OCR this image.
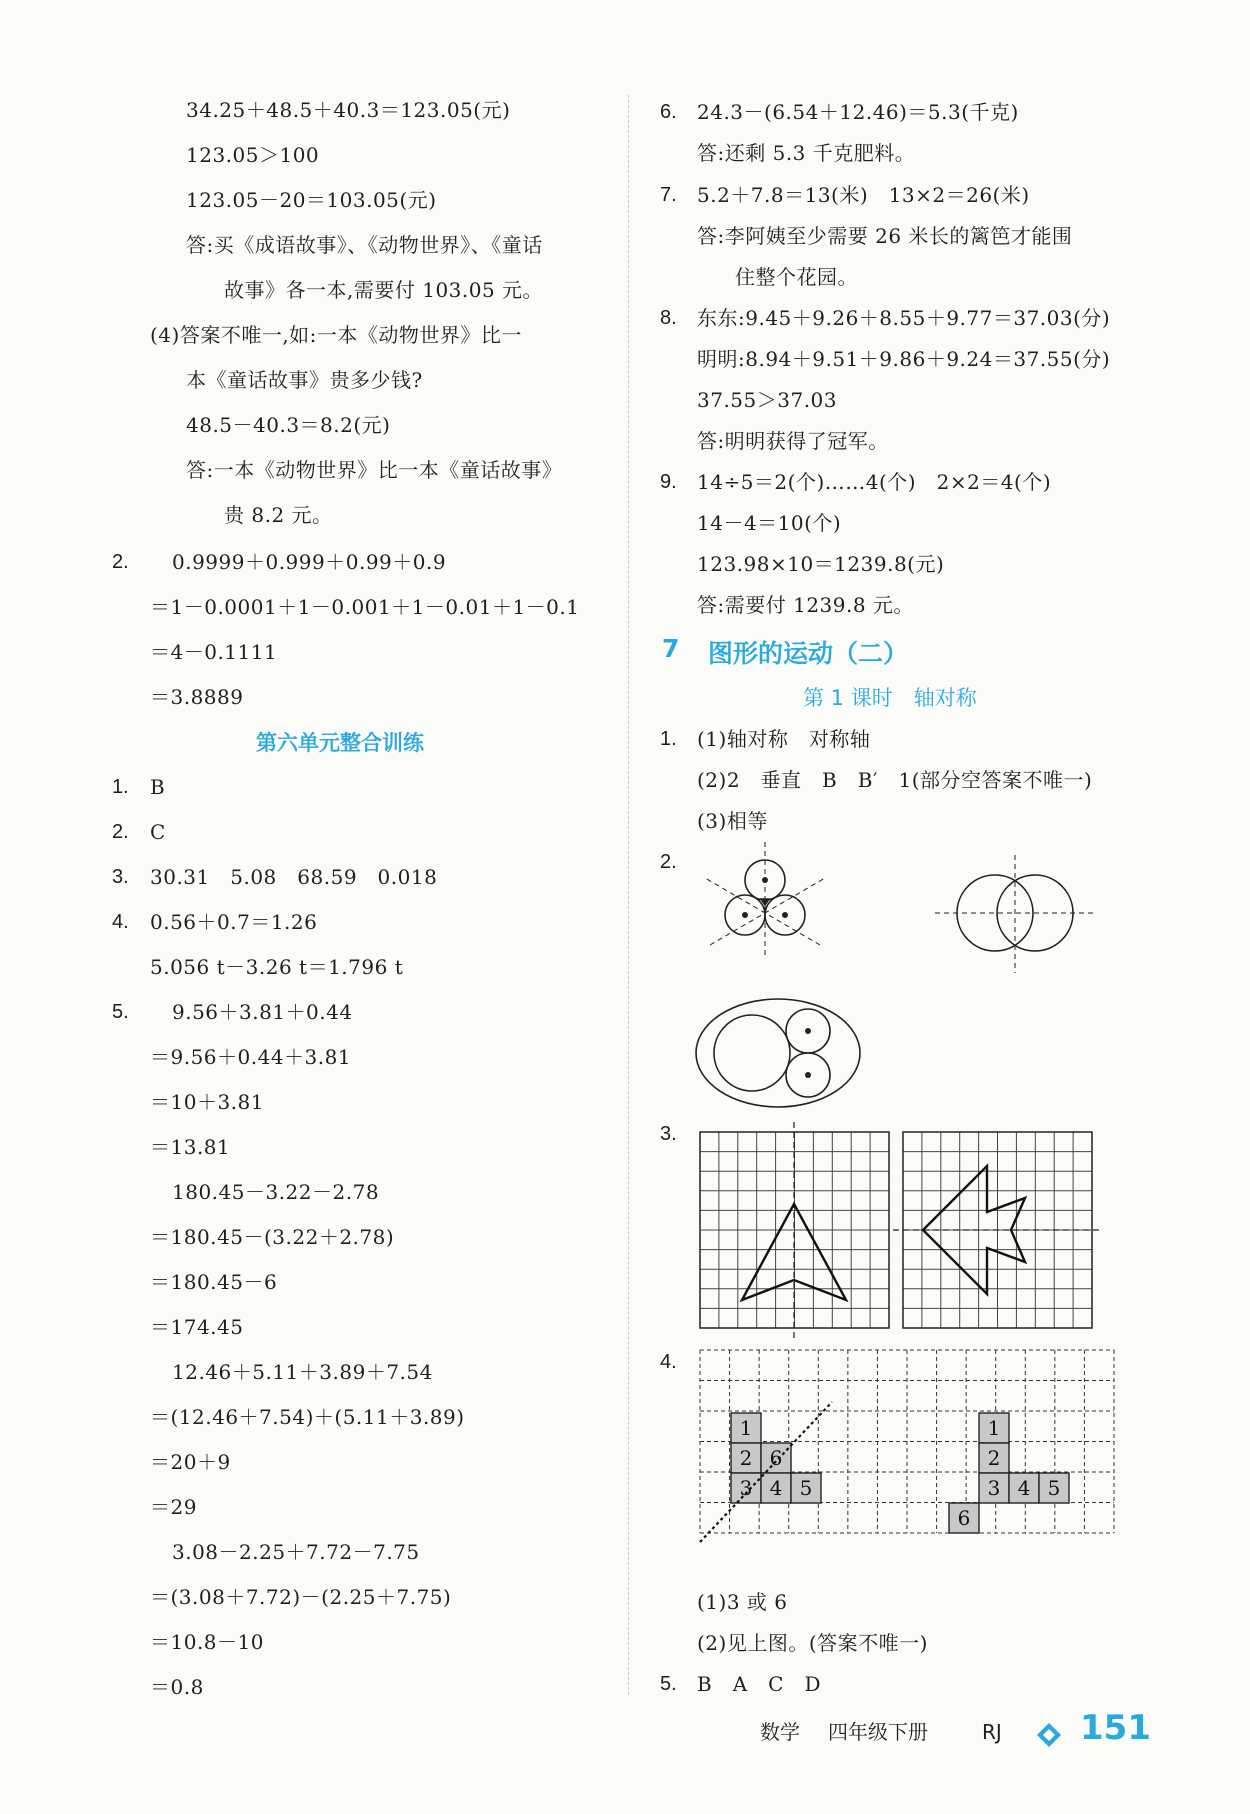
34.25＋48.5＋40.3＝123.05(元)
123.05＞100
123.05－20＝103.05(元)
答:买《成语故事》、《动物世界》、《童话
故事》各一本,需要付 103.05 元。
(4)答案不唯一,如:一本《动物世界》比一
本《童话故事》贵多少钱?
48.5－40.3＝8.2(元)
答:一本《动物世界》比一本《童话故事》
贵 8.2 元。
2. 0.9999＋0.999＋0.99＋0.9
＝1－0.0001＋1－0.001＋1－0.01＋1－0.1
＝4－0.1111
＝3.8889
第六单元整合训练
1. B
2. C
3. 30.31　5.08　68.59　0.018
4. 0.56＋0.7＝1.26
5.056 t－3.26 t＝1.796 t
5. 9.56＋3.81＋0.44
＝9.56＋0.44＋3.81
＝10＋3.81
＝13.81
180.45－3.22－2.78
＝180.45－(3.22＋2.78)
＝180.45－6
＝174.45
12.46＋5.11＋3.89＋7.54
＝(12.46＋7.54)＋(5.11＋3.89)
＝20＋9
＝29
3.08－2.25＋7.72－7.75
＝(3.08＋7.72)－(2.25＋7.75)
＝10.8－10
＝0.8
6. 24.3－(6.54＋12.46)＝5.3(千克)
答:还剩 5.3 千克肥料。
7. 5.2＋7.8＝13(米)　13×2＝26(米)
答:李阿姨至少需要 26 米长的篱笆才能围
住整个花园。
8. 东东:9.45＋9.26＋8.55＋9.77＝37.03(分)
明明:8.94＋9.51＋9.86＋9.24＝37.55(分)
37.55＞37.03
答:明明获得了冠军。
9. 14÷5＝2(个)……4(个)　2×2＝4(个)
14－4＝10(个)
123.98×10＝1239.8(元)
答:需要付 1239.8 元。
7 图形的运动（二）
第 1 课时　轴对称
1. (1)轴对称　对称轴
(2)2　垂直　B　B′　1(部分空答案不唯一)
(3)相等
2.
3.
4.
1
2 6
3 4 5
1
2
3 4 5
6
(1)3 或 6
(2)见上图。(答案不唯一)
5. B　A　C　D
数学 四年级下册	RJ 151
